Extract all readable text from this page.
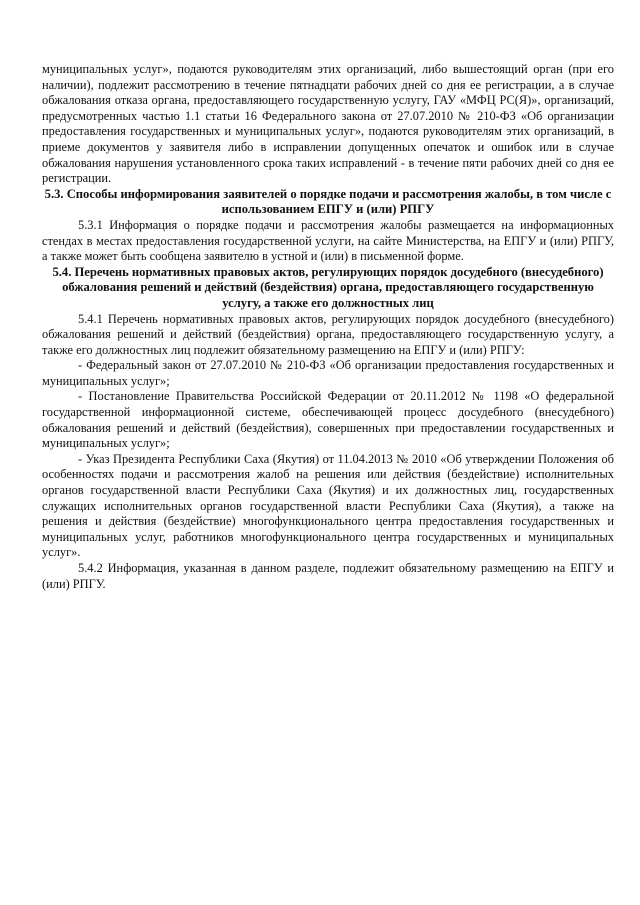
муниципальных услуг», подаются руководителям этих организаций, либо вышестоящий орган (при его наличии), подлежит рассмотрению в течение пятнадцати рабочих дней со дня ее регистрации, а в случае обжалования отказа органа, предоставляющего государственную услугу, ГАУ «МФЦ РС(Я)», организаций, предусмотренных частью 1.1 статьи 16 Федерального закона от 27.07.2010 № 210-ФЗ «Об организации предоставления государственных и муниципальных услуг», подаются руководителям этих организаций, в приеме документов у заявителя либо в исправлении допущенных опечаток и ошибок или в случае обжалования нарушения установленного срока таких исправлений - в течение пяти рабочих дней со дня ее регистрации.

5.3. Способы информирования заявителей о порядке подачи и рассмотрения жалобы, в том числе с использованием ЕПГУ и (или) РПГУ

5.3.1 Информация о порядке подачи и рассмотрения жалобы размещается на информационных стендах в местах предоставления государственной услуги, на сайте Министерства, на ЕПГУ и (или) РПГУ, а также может быть сообщена заявителю в устной и (или) в письменной форме.

5.4. Перечень нормативных правовых актов, регулирующих порядок досудебного (внесудебного) обжалования решений и действий (бездействия) органа, предоставляющего государственную услугу, а также его должностных лиц

5.4.1 Перечень нормативных правовых актов, регулирующих порядок досудебного (внесудебного) обжалования решений и действий (бездействия) органа, предоставляющего государственную услугу, а также его должностных лиц подлежит обязательному размещению на ЕПГУ и (или) РПГУ:

- Федеральный закон от 27.07.2010 № 210-ФЗ «Об организации предоставления государственных и муниципальных услуг»;

- Постановление Правительства Российской Федерации от 20.11.2012 № 1198 «О федеральной государственной информационной системе, обеспечивающей процесс досудебного (внесудебного) обжалования решений и действий (бездействия), совершенных при предоставлении государственных и муниципальных услуг»;

- Указ Президента Республики Саха (Якутия) от 11.04.2013 № 2010 «Об утверждении Положения об особенностях подачи и рассмотрения жалоб на решения или действия (бездействие) исполнительных органов государственной власти Республики Саха (Якутия) и их должностных лиц, государственных служащих исполнительных органов государственной власти Республики Саха (Якутия), а также на решения и действия (бездействие) многофункционального центра предоставления государственных и муниципальных услуг, работников многофункционального центра государственных и муниципальных услуг».

5.4.2 Информация, указанная в данном разделе, подлежит обязательному размещению на ЕПГУ и (или) РПГУ.
